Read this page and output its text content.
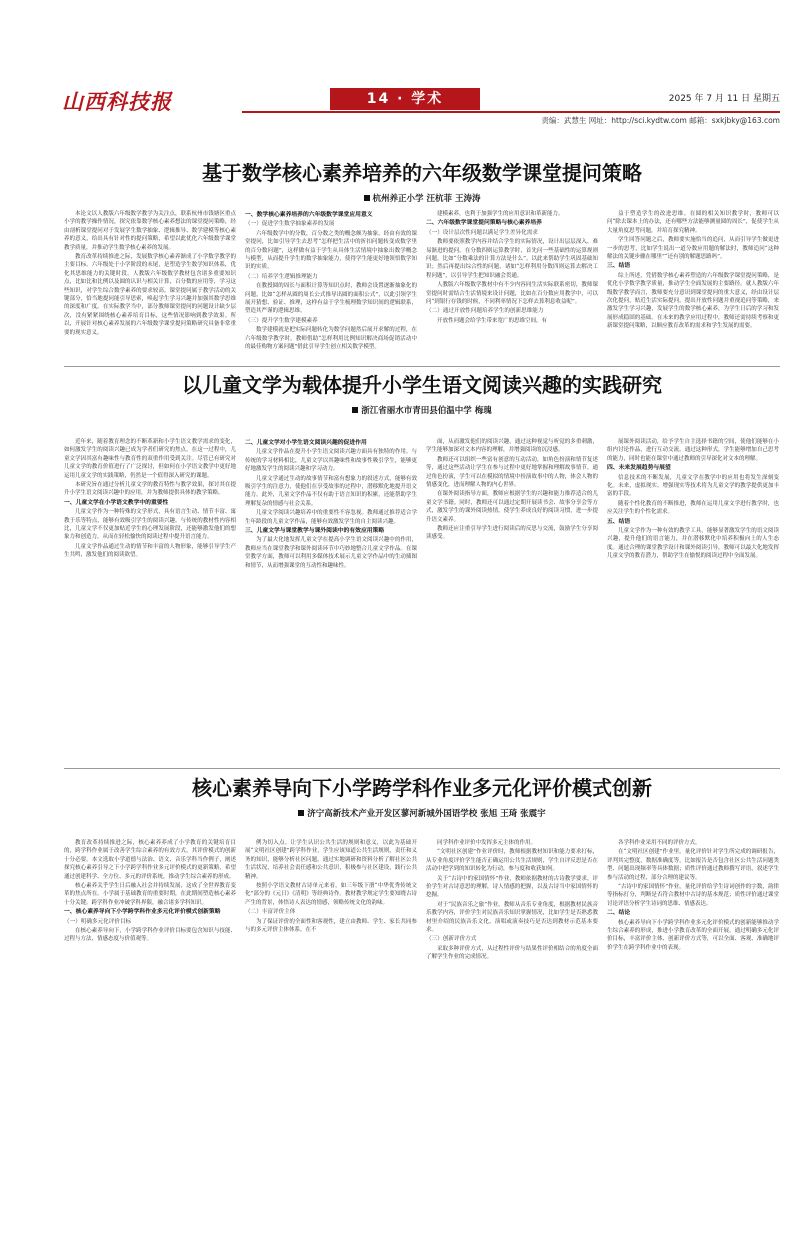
山西科技报	14 · 学术	2025 年 7 月 11 日 星期五
责编：武慧生 网址：http://sci.kydtw.com 邮箱：sxkjbky@163.com
基于数学核心素养培养的六年级数学课堂提问策略
杭州养正小学 汪杭菲 王涛涛

本论文以人教版六年级数学教学为关注点，联系杭州市钱塘区重点小学的教学操作情况，探究依靠数学核心素养想法的课堂提问策略，经由剖析课堂提问对于发展学生数学抽象、逻辑推导、数学建模等核心素养的意义，给出具有针对性的提问策略，希望以此优化六年级数学课堂教学质量，并推动学生数学核心素养的发展。

教育改革持续推进之际，发展数学核心素养渐成了小学数学教学的主要目标。六年级处于小学阶段的末尾，是塑造学生数学知识体系，优化其思维能力的关键时段。人教版六年级数学教材包含诸多重要知识点，比如比和比例以及圆的认识与相关计算，百分数的应用等，学习这些知识，对学生综合数学素养的要求较高。课堂提问属于教学活动的关键部分，恰当地提问能引导思索，唤起学生学习兴趣并加强其数学思维的深度和广度。在实际教学当中，部分教师课堂提问的问题设计缺少层次，没有紧紧围绕核心素养培育目标，这些情况影响到教学效果。所以，开展针对核心素养发展的六年级数学课堂提问策略研究具备非常重要的现实意义。

一、数学核心素养培养的六年级数学课堂应用意义
（一）促进学生数学抽象素养的发展

六年级数学中的分数，百分数之类的概念颇为抽象，经由有效的课堂提问，比如引导学生去思考“怎样把生活中的折扣问题转变成数学里的百分数问题”，这样做有益于学生从具体生活情境中抽象出数学概念与模型，从而提升学生的数学抽象能力，使得学生能更好地领悟数学知识的实质。

（二）培养学生逻辑推理能力

在教授圆的周长与面积计算等知识点时，教师会设置逐渐抽象化的问题，比如“怎样从圆的周长公式推导出圆的面积公式”，以此引领学生展开猜想、验证、推理，这样有益于学生梳理数学知识间的逻辑联系，塑造其严谨的逻辑思维。

（三）提升学生数学建模素养

数学建模就是把实际问题转化为数学问题然后展开求解的过程，在六年级数学教学时，教师借助“怎样利用比例知识解决商场促销活动中的最佳购物方案问题”借此引导学生创立相关数学模型。

建模素养，也利于加强学生的应用意识和革新能力。

二、六年级数学课堂提问策略与核心素养培养
（一）设计层次性问题以满足学生差异化需求

教师要依照教学内容并结合学生的实际情况，设计出层层深入、难易渐进的提问。在分数四则运算教学时，首先问一些基础性的运算规则问题，比如“分数乘法的计算方法是什么”。以此来帮助学生巩固基础知识；然后再提出综合性的问题，诸如“怎样利用分数四则运算去解决工程问题”，以引导学生把知识融会贯通。

人教版六年级数学教材中有不少内容同生活实际联系密切，教师课堂提问时需结合生活情境来设计问题，比如在百分数应用教学中，可以问“到银行存钱的时候，不同利率情况下怎样去算利息收益呢”。

（二）通过开放性问题培养学生的创新思维能力

开放性问题会给学生带来宽广的思维空间，有

益于塑造学生的改进思维。在圆的相关知识教学时，教师可以问“除去课本上的办法，还有哪些方法能够测量圆的周长”，促使学生从大量角度思考问题，并培育探究精神。

学生回答问题之后，教师要实施恰当的追问，从而引导学生做更进一步的思考，比如学生说出一道分数应用题的解法时，教师追问“这种解法的关键步骤在哪里”“还有别的解题思路吗”。

三、结语

综上所述，凭借数学核心素养塑造的六年级数学课堂提问策略，是优化小学数学教学质量，推动学生全面发展的主要路径。就人教版六年级数学教学而言，教师要充分意识到课堂提问的重大意义，经由设计层次化提问，贴近生活实际提问，提出开放性问题并重视追问等策略，来激发学生学习兴趣，发展学生的数学核心素养，为学生日后的学习和发展形成稳固的基础。在未来的教学应用过程中，教师还需持续考察和更新课堂提问策略，以顺应教育改革的需求和学生发展的需要。

以儿童文学为载体提升小学生语文阅读兴趣的实践研究
浙江省丽水市青田县伯温中学 梅瑰

近年来，随着教育理念的不断革新和小学生语文教学需求的变化，如何激发学生的阅读兴趣已成为学者们研究的焦点。在这一过程中，儿童文学因其富有趣味性与教育性的双重作用受到关注。尽管已有研究对儿童文学的教育价值进行了广泛探讨，但如何在小学语文教学中更好地运用儿童文学的实践策略，仍然是一个值得深入研究的课题。

本研究旨在通过分析儿童文学的教育特性与教学效果，探讨其在提升小学生语文阅读兴趣中的应用，并为教师提供具体的教学策略。

一、儿童文学在小学语文教学中的重要性

儿童文学作为一种特殊的文学形式，具有语言生动、情节丰富、寓教于乐等特点，能够有效吸引学生的阅读兴趣。与传统的教材性内容相比，儿童文学不仅更加贴近学生的心理发展阶段，还能够激发他们的想象力和创造力，从而在轻松愉快的阅读过程中提升语言能力。

儿童文学作品通过生动的情节和丰富的人物形象，能够引导学生产生共鸣，激发他们的阅读欲望。

二、儿童文学对小学生语文阅读兴趣的促进作用

儿童文学作品在提升小学生语文阅读兴趣方面具有独特的作用。与传统的学习材料相比，儿童文学以其趣味性和故事性吸引学生，能够更好地激发学生的阅读兴趣和学习动力。

儿童文学通过生动的故事情节和富有想象力的叙述方式，能够有效吸引学生的注意力，使他们在享受故事的过程中，潜移默化地提升语文能力。此外，儿童文学作品不仅有助于语言知识的积累，还能帮助学生理解复杂的情感与社会关系。

儿童文学阅读兴趣培养中的重要性不容忽视。教师通过推荐适合学生年龄段的儿童文学作品，能够有效激发学生的自主阅读兴趣。

三、儿童文学与课堂教学与课外阅读中的有效应用策略

为了最大化地发挥儿童文学在提高小学生语文阅读兴趣中的作用，教师应当在课堂教学和课外阅读环节中巧妙地整合儿童文学作品。在课堂教学方面，教师可以利用多媒体技术展示儿童文学作品中的生动插图和情节，从而增强课堂的互动性和趣味性。

面，从而激发他们的阅读兴趣。通过这种视觉与听觉的多重刺激，学生能够加深对文本内容的理解，并增强阅读的沉浸感。

教师还可以组织一些富有创意的互动活动，如角色扮演和情节复述等，通过这些活动让学生在参与过程中更好地掌握和理解故事情节。通过角色扮演，学生可以在模拟的情境中扮演故事中的人物，体会人物的情感变化，进而理解人物的内心世界。

在课外阅读指导方面，教师应根据学生的兴趣和能力推荐适合的儿童文学书籍。同时，教师还可以通过定期开展读书会、故事分享会等方式，激发学生的课外阅读热情，使学生养成良好的阅读习惯，进一步提升语文素养。

教师还应注重引导学生进行阅读后的反思与交流，鼓励学生分享阅读感受。

展课外阅读活动，给予学生自主选择书籍的空间，使他们能够在小组内讨论作品，进行互动交流。通过这种形式，学生能够增加自己思考的能力，同时也能在课堂中通过教师的引导深化对文本的理解。

四、未来发展趋势与展望

信息技术的不断发展，儿童文学在教学中的应用也将发生深刻变化。未来，虚拟现实、增强现实等技术将为儿童文学的教学提供更加丰富的手段。

随着个性化教育的不断推进，教师在运用儿童文学进行教学时，也应关注学生的个性化需求。

五、结语

儿童文学作为一种有效的教学工具，能够显著激发学生的语文阅读兴趣，提升他们的语言能力，并在潜移默化中培养积极向上的人生态度。通过合理的课堂教学设计和课外阅读引导，教师可以最大化地发挥儿童文学的教育潜力，帮助学生在愉悦的阅读过程中全面发展。

核心素养导向下小学跨学科作业多元化评价模式创新
济宁高新技术产业开发区蓼河新城外国语学校 张旭 王琦 张震宇

教育改革持续推进之际，核心素养养成了小学教育的关键培育目的，跨学科作业属于改善学生综合素养的有效方式，其评价模式的创新十分必要。本文选取小学道德与法治、语文、音乐学科当作例子，阐述探究核心素养引导之下小学跨学科作业多元评价模式的更新策略，希望通过创建科学、全方位、多元的评价系统，推动学生综合素养的形成。

核心素养关乎学生日后融入社会并持续发展，这成了全世界教育变革的焦点所在。小学属于基础教育的重要时期，在此期间塑造核心素养十分关键。跨学科作业冲破学科界限，融合诸多学科知识。

一、核心素养导向下小学跨学科作业多元化评价模式创新策略
（一）明确多元化评价目标

在核心素养导向下，小学跨学科作业评价目标要包含知识与技能、过程与方法、情感态度与价值观等。

例为切入点。让学生认识公共生活的规则和意义，以此为基础开展“文明社区创建”跨学科作业，学生应该知道公共生活规则，责任和义务的知识，能够分析社区问题，通过实地调研和资料分析了解社区公共生活状况，培养社会责任感和公共意识，积极参与社区建设，践行公共精神。

按照小学语文教材古诗单元来看，如三年级下册“中华优秀传统文化”部分的《元日》《清明》等经典诗作。教材教学规定学生要知晓古诗产生的背景，体悟诗人表达的情感，领略传统文化的韵味。

（二）丰富评价主体

为了保证评价的全面性和客观性，建立由教师、学生、家长共同参与的多元评价主体体系。在不

同学科作业评价中发挥多元主体的作用。

“文明社区创建”作业评价时，教师根据教材知识和能力要求打标，从专业角度评价学生能否正确运用公共生活规则，学生自评反思是否在活动中把学到的知识转化为行动，参与度和收获如何。

关于“古诗中的家国情怀”作业，教师依据教材的古诗教学要求，评价学生对古诗意思的理解，诗人情感的把握，以及古诗当中家国情怀的挖掘。

对于“民族音乐之旅”作业，教师从音乐专业角度，根据教材民族音乐教学内容，评价学生对民族音乐知识掌握情况，比如学生是否熟悉教材里介绍的民族音乐文化，演唱或演奏技巧是否达到教材示范基本要求。

（三）创新评价方式

采取多种评价方式，从过程性评价与结果性评价相结合的角度全面了解学生作业的完成情况。

各学科作业采用不同的评价方式。

在“文明社区创建”作业里，量化评价针对学生所完成的调研报告，评判其完整度，数据准确度等，比如报告是否包含社区公共生活问题类型、问题出现频率等具体数据；质性评价通过教师撰写评语，叙述学生参与活动的过程，部分合理的建议等。

“古诗中的家国情怀”作业，量化评价给学生诗词创作的字数，韵律等指标打分，判断是否符合教材中古诗的基本规范；质性评价通过课堂讨论评语分析学生诗词的思维、情感表达。

二、结论

核心素养导向下小学跨学科作业多元化评价模式的创新能够推动学生综合素养的形成，推进小学教育改革的全面开展。通过明确多元化评价目标，丰富评价主体、创新评价方式等，可以全面、客观、准确地评价学生在跨学科作业中的表现。
